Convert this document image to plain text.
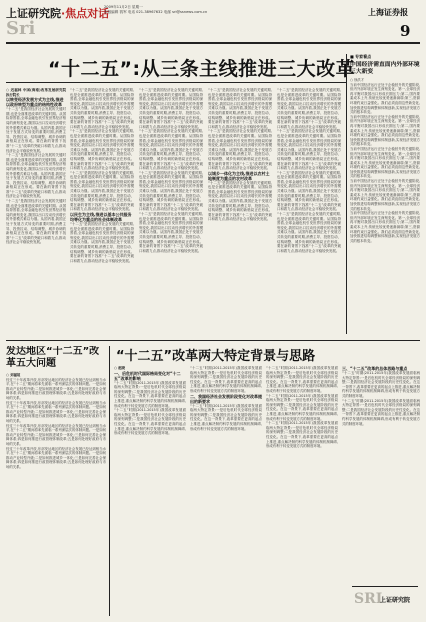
上证研究院·焦点对话
2009年11月2日 星期一
本版编辑 钱军 电话 021-38967632 电邮 sri@ssnews.com.cn
Sri
上海证券报
9
“十二五”:从三条主线推进三大改革

○ 迟福林 中国(海南)改革发展研究院 执行院长

以转变经济发展方式为主线,推进以政府转型为重点的结构性改革

“十二五”是我国经济社会发展的关键时期,也是全面推进改革的关键时期。从国际背景看,全球金融危机引发世界经济格局的深刻变化,我国以出口拉动经济增长的外需模式难以为继。从国内看,我国正处于发展方式转变的重要时期,消费主导、投资拉动、结构调整、城乡协调的新格局正在形成。要在新的背景下找准“十二五”改革的突破口和着力点,推动经济社会平稳较快发展。

“十二五”是我国经济社会发展的关键时期,也是全面推进改革的关键时期。从国际背景看,全球金融危机引发世界经济格局的深刻变化,我国以出口拉动经济增长的外需模式难以为继。从国内看,我国正处于发展方式转变的重要时期,消费主导、投资拉动、结构调整、城乡协调的新格局正在形成。要在新的背景下找准“十二五”改革的突破口和着力点,推动经济社会平稳较快发展。

“十二五”是我国经济社会发展的关键时期,也是全面推进改革的关键时期。从国际背景看,全球金融危机引发世界经济格局的深刻变化,我国以出口拉动经济增长的外需模式难以为继。从国内看,我国正处于发展方式转变的重要时期,消费主导、投资拉动、结构调整、城乡协调的新格局正在形成。要在新的背景下找准“十二五”改革的突破口和着力点,推动经济社会平稳较快发展。

“十二五”是我国经济社会发展的关键时期,也是全面推进改革的关键时期。从国际背景看,全球金融危机引发世界经济格局的深刻变化,我国以出口拉动经济增长的外需模式难以为继。从国内看,我国正处于发展方式转变的重要时期,消费主导、投资拉动、结构调整、城乡协调的新格局正在形成。要在新的背景下找准“十二五”改革的突破口和着力点,推动经济社会平稳较快发展。

“十二五”是我国经济社会发展的关键时期,也是全面推进改革的关键时期。从国际背景看,全球金融危机引发世界经济格局的深刻变化,我国以出口拉动经济增长的外需模式难以为继。从国内看,我国正处于发展方式转变的重要时期,消费主导、投资拉动、结构调整、城乡协调的新格局正在形成。要在新的背景下找准“十二五”改革的突破口和着力点,推动经济社会平稳较快发展。

“十二五”是我国经济社会发展的关键时期,也是全面推进改革的关键时期。从国际背景看,全球金融危机引发世界经济格局的深刻变化,我国以出口拉动经济增长的外需模式难以为继。从国内看,我国正处于发展方式转变的重要时期,消费主导、投资拉动、结构调整、城乡协调的新格局正在形成。要在新的背景下找准“十二五”改革的突破口和着力点,推动经济社会平稳较快发展。

以民生为主线,推进以基本公共服务均等化为重点的社会体制改革

“十二五”是我国经济社会发展的关键时期,也是全面推进改革的关键时期。从国际背景看,全球金融危机引发世界经济格局的深刻变化,我国以出口拉动经济增长的外需模式难以为继。从国内看,我国正处于发展方式转变的重要时期,消费主导、投资拉动、结构调整、城乡协调的新格局正在形成。要在新的背景下找准“十二五”改革的突破口和着力点,推动经济社会平稳较快发展。

“十二五”是我国经济社会发展的关键时期,也是全面推进改革的关键时期。从国际背景看,全球金融危机引发世界经济格局的深刻变化,我国以出口拉动经济增长的外需模式难以为继。从国内看,我国正处于发展方式转变的重要时期,消费主导、投资拉动、结构调整、城乡协调的新格局正在形成。要在新的背景下找准“十二五”改革的突破口和着力点,推动经济社会平稳较快发展。

“十二五”是我国经济社会发展的关键时期,也是全面推进改革的关键时期。从国际背景看,全球金融危机引发世界经济格局的深刻变化,我国以出口拉动经济增长的外需模式难以为继。从国内看,我国正处于发展方式转变的重要时期,消费主导、投资拉动、结构调整、城乡协调的新格局正在形成。要在新的背景下找准“十二五”改革的突破口和着力点,推动经济社会平稳较快发展。

“十二五”是我国经济社会发展的关键时期,也是全面推进改革的关键时期。从国际背景看,全球金融危机引发世界经济格局的深刻变化,我国以出口拉动经济增长的外需模式难以为继。从国内看,我国正处于发展方式转变的重要时期,消费主导、投资拉动、结构调整、城乡协调的新格局正在形成。要在新的背景下找准“十二五”改革的突破口和着力点,推动经济社会平稳较快发展。

“十二五”是我国经济社会发展的关键时期,也是全面推进改革的关键时期。从国际背景看,全球金融危机引发世界经济格局的深刻变化,我国以出口拉动经济增长的外需模式难以为继。从国内看,我国正处于发展方式转变的重要时期,消费主导、投资拉动、结构调整、城乡协调的新格局正在形成。要在新的背景下找准“十二五”改革的突破口和着力点,推动经济社会平稳较快发展。

“十二五”是我国经济社会发展的关键时期,也是全面推进改革的关键时期。从国际背景看,全球金融危机引发世界经济格局的深刻变化,我国以出口拉动经济增长的外需模式难以为继。从国内看,我国正处于发展方式转变的重要时期,消费主导、投资拉动、结构调整、城乡协调的新格局正在形成。要在新的背景下找准“十二五”改革的突破口和着力点,推动经济社会平稳较快发展。

“十二五”是我国经济社会发展的关键时期,也是全面推进改革的关键时期。从国际背景看,全球金融危机引发世界经济格局的深刻变化,我国以出口拉动经济增长的外需模式难以为继。从国内看,我国正处于发展方式转变的重要时期,消费主导、投资拉动、结构调整、城乡协调的新格局正在形成。要在新的背景下找准“十二五”改革的突破口和着力点,推动经济社会平稳较快发展。

以城乡一体化为主线,推进以农村土地制度为重点的农村改革

“十二五”是我国经济社会发展的关键时期,也是全面推进改革的关键时期。从国际背景看,全球金融危机引发世界经济格局的深刻变化,我国以出口拉动经济增长的外需模式难以为继。从国内看,我国正处于发展方式转变的重要时期,消费主导、投资拉动、结构调整、城乡协调的新格局正在形成。要在新的背景下找准“十二五”改革的突破口和着力点,推动经济社会平稳较快发展。

“十二五”是我国经济社会发展的关键时期,也是全面推进改革的关键时期。从国际背景看,全球金融危机引发世界经济格局的深刻变化,我国以出口拉动经济增长的外需模式难以为继。从国内看,我国正处于发展方式转变的重要时期,消费主导、投资拉动、结构调整、城乡协调的新格局正在形成。要在新的背景下找准“十二五”改革的突破口和着力点,推动经济社会平稳较快发展。

“十二五”是我国经济社会发展的关键时期,也是全面推进改革的关键时期。从国际背景看,全球金融危机引发世界经济格局的深刻变化,我国以出口拉动经济增长的外需模式难以为继。从国内看,我国正处于发展方式转变的重要时期,消费主导、投资拉动、结构调整、城乡协调的新格局正在形成。要在新的背景下找准“十二五”改革的突破口和着力点,推动经济社会平稳较快发展。

“十二五”是我国经济社会发展的关键时期,也是全面推进改革的关键时期。从国际背景看,全球金融危机引发世界经济格局的深刻变化,我国以出口拉动经济增长的外需模式难以为继。从国内看,我国正处于发展方式转变的重要时期,消费主导、投资拉动、结构调整、城乡协调的新格局正在形成。要在新的背景下找准“十二五”改革的突破口和着力点,推动经济社会平稳较快发展。

“十二五”是我国经济社会发展的关键时期,也是全面推进改革的关键时期。从国际背景看,全球金融危机引发世界经济格局的深刻变化,我国以出口拉动经济增长的外需模式难以为继。从国内看,我国正处于发展方式转变的重要时期,消费主导、投资拉动、结构调整、城乡协调的新格局正在形成。要在新的背景下找准“十二五”改革的突破口和着力点,推动经济社会平稳较快发展。

■ 专家看点

中国经济需直面内外部环境三大新变

○ 徐洪才

当前中国经济运行正处于企稳回升的关键阶段,但内外部环境正发生深刻变化。第一,全球经济再平衡对我国出口形成长期压力;第二,国内要素成本上升,传统比较优势逐渐减弱;第三,资源环境约束日益强化。我们必须直面这些新变化,加快推进结构调整和体制创新,实现经济发展方式的根本转变。

当前中国经济运行正处于企稳回升的关键阶段,但内外部环境正发生深刻变化。第一,全球经济再平衡对我国出口形成长期压力;第二,国内要素成本上升,传统比较优势逐渐减弱;第三,资源环境约束日益强化。我们必须直面这些新变化,加快推进结构调整和体制创新,实现经济发展方式的根本转变。

当前中国经济运行正处于企稳回升的关键阶段,但内外部环境正发生深刻变化。第一,全球经济再平衡对我国出口形成长期压力;第二,国内要素成本上升,传统比较优势逐渐减弱;第三,资源环境约束日益强化。我们必须直面这些新变化,加快推进结构调整和体制创新,实现经济发展方式的根本转变。

当前中国经济运行正处于企稳回升的关键阶段,但内外部环境正发生深刻变化。第一,全球经济再平衡对我国出口形成长期压力;第二,国内要素成本上升,传统比较优势逐渐减弱;第三,资源环境约束日益强化。我们必须直面这些新变化,加快推进结构调整和体制创新,实现经济发展方式的根本转变。

当前中国经济运行正处于企稳回升的关键阶段,但内外部环境正发生深刻变化。第一,全球经济再平衡对我国出口形成长期压力;第二,国内要素成本上升,传统比较优势逐渐减弱;第三,资源环境约束日益强化。我们必须直面这些新变化,加快推进结构调整和体制创新,实现经济发展方式的根本转变。

发达地区“十二五”改革五大问题

○ 刘福垣

经过三十年改革开放,东部发达地区的经济社会发展已经达到相当水平,在“十二五”期间将率先面临一系列深层次的体制问题。一是如何推动产业转型升级;二是如何推进城乡一体化;三是如何完善社会保障体系;四是如何推进行政管理体制改革;五是如何处理好政府与市场的关系。

经过三十年改革开放,东部发达地区的经济社会发展已经达到相当水平,在“十二五”期间将率先面临一系列深层次的体制问题。一是如何推动产业转型升级;二是如何推进城乡一体化;三是如何完善社会保障体系;四是如何推进行政管理体制改革;五是如何处理好政府与市场的关系。

经过三十年改革开放,东部发达地区的经济社会发展已经达到相当水平,在“十二五”期间将率先面临一系列深层次的体制问题。一是如何推动产业转型升级;二是如何推进城乡一体化;三是如何完善社会保障体系;四是如何推进行政管理体制改革;五是如何处理好政府与市场的关系。

经过三十年改革开放,东部发达地区的经济社会发展已经达到相当水平,在“十二五”期间将率先面临一系列深层次的体制问题。一是如何推动产业转型升级;二是如何推进城乡一体化;三是如何完善社会保障体系;四是如何推进行政管理体制改革;五是如何处理好政府与市场的关系。

“十二五”改革两大特定背景与思路

○ 赵晓

一、后危机时代国际格局变化对“十二五”改革的影响

“十二五”时期(2011-2015年)我国改革发展面临两大特定背景:一是后危机时代全球经济格局的深刻调整;二是我国经济社会发展阶段的历史性变化。在这一背景下,改革需要在更高的起点上推进,重点解决制约科学发展的体制机制障碍,形成有利于转变发展方式的制度环境。

“十二五”时期(2011-2015年)我国改革发展面临两大特定背景:一是后危机时代全球经济格局的深刻调整;二是我国经济社会发展阶段的历史性变化。在这一背景下,改革需要在更高的起点上推进,重点解决制约科学发展的体制机制障碍,形成有利于转变发展方式的制度环境。

“十二五”时期(2011-2015年)我国改革发展面临两大特定背景:一是后危机时代全球经济格局的深刻调整;二是我国经济社会发展阶段的历史性变化。在这一背景下,改革需要在更高的起点上推进,重点解决制约科学发展的体制机制障碍,形成有利于转变发展方式的制度环境。

二、我国经济社会发展阶段变化对改革提出的新要求

“十二五”时期(2011-2015年)我国改革发展面临两大特定背景:一是后危机时代全球经济格局的深刻调整;二是我国经济社会发展阶段的历史性变化。在这一背景下,改革需要在更高的起点上推进,重点解决制约科学发展的体制机制障碍,形成有利于转变发展方式的制度环境。

“十二五”时期(2011-2015年)我国改革发展面临两大特定背景:一是后危机时代全球经济格局的深刻调整;二是我国经济社会发展阶段的历史性变化。在这一背景下,改革需要在更高的起点上推进,重点解决制约科学发展的体制机制障碍,形成有利于转变发展方式的制度环境。

“十二五”时期(2011-2015年)我国改革发展面临两大特定背景:一是后危机时代全球经济格局的深刻调整;二是我国经济社会发展阶段的历史性变化。在这一背景下,改革需要在更高的起点上推进,重点解决制约科学发展的体制机制障碍,形成有利于转变发展方式的制度环境。

“十二五”时期(2011-2015年)我国改革发展面临两大特定背景:一是后危机时代全球经济格局的深刻调整;二是我国经济社会发展阶段的历史性变化。在这一背景下,改革需要在更高的起点上推进,重点解决制约科学发展的体制机制障碍,形成有利于转变发展方式的制度环境。

三、“十二五”改革的总体思路与重点

“十二五”时期(2011-2015年)我国改革发展面临两大特定背景:一是后危机时代全球经济格局的深刻调整;二是我国经济社会发展阶段的历史性变化。在这一背景下,改革需要在更高的起点上推进,重点解决制约科学发展的体制机制障碍,形成有利于转变发展方式的制度环境。

“十二五”时期(2011-2015年)我国改革发展面临两大特定背景:一是后危机时代全球经济格局的深刻调整;二是我国经济社会发展阶段的历史性变化。在这一背景下,改革需要在更高的起点上推进,重点解决制约科学发展的体制机制障碍,形成有利于转变发展方式的制度环境。

SRI
上证研究院
